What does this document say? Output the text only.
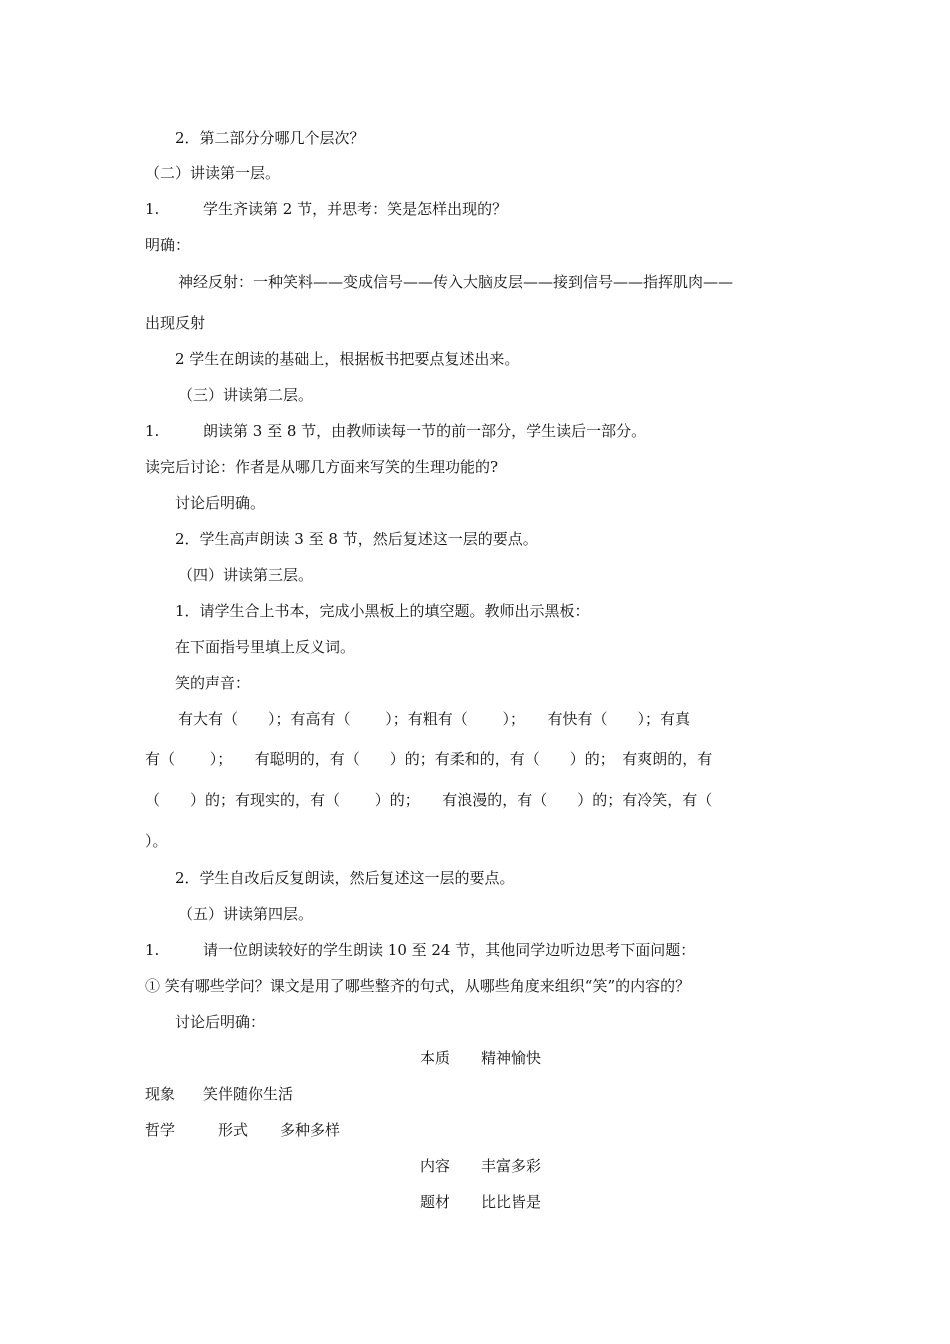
2．第二部分分哪几个层次？
（二）讲读第一层。
1.	学生齐读第 2 节，并思考：笑是怎样出现的？
明确：
神经反射：一种笑料——变成信号——传入大脑皮层——接到信号——指挥肌肉——
出现反射
2 学生在朗读的基础上，根据板书把要点复述出来。
（三）讲读第二层。
1.	朗读第 3 至 8 节，由教师读每一节的前一部分，学生读后一部分。
读完后讨论：作者是从哪几方面来写笑的生理功能的?
讨论后明确。
2．学生高声朗读 3 至 8 节，然后复述这一层的要点。
（四）讲读第三层。
1．请学生合上书本，完成小黑板上的填空题。教师出示黑板：
在下面指号里填上反义词。
笑的声音：
有大有（　　）；有高有（　　 ）；有粗有（　　 ）；　　有快有（　　）；有真
有（　　 ）；　　有聪明的，有（　　）的；有柔和的，有（　　）的；　有爽朗的，有
（　　）的；有现实的，有（　　 ）的；　　有浪漫的，有（　　）的；有冷笑，有（
）。
2．学生自改后反复朗读，然后复述这一层的要点。
（五）讲读第四层。
1.	请一位朗读较好的学生朗读 10 至 24 节，其他同学边听边思考下面问题：
① 笑有哪些学问？课文是用了哪些整齐的句式，从哪些角度来组织“笑”的内容的？
讨论后明确：
本质 精神愉快
现象 笑伴随你生活
哲学	形式 多种多样
内容 丰富多彩
题材 比比皆是
